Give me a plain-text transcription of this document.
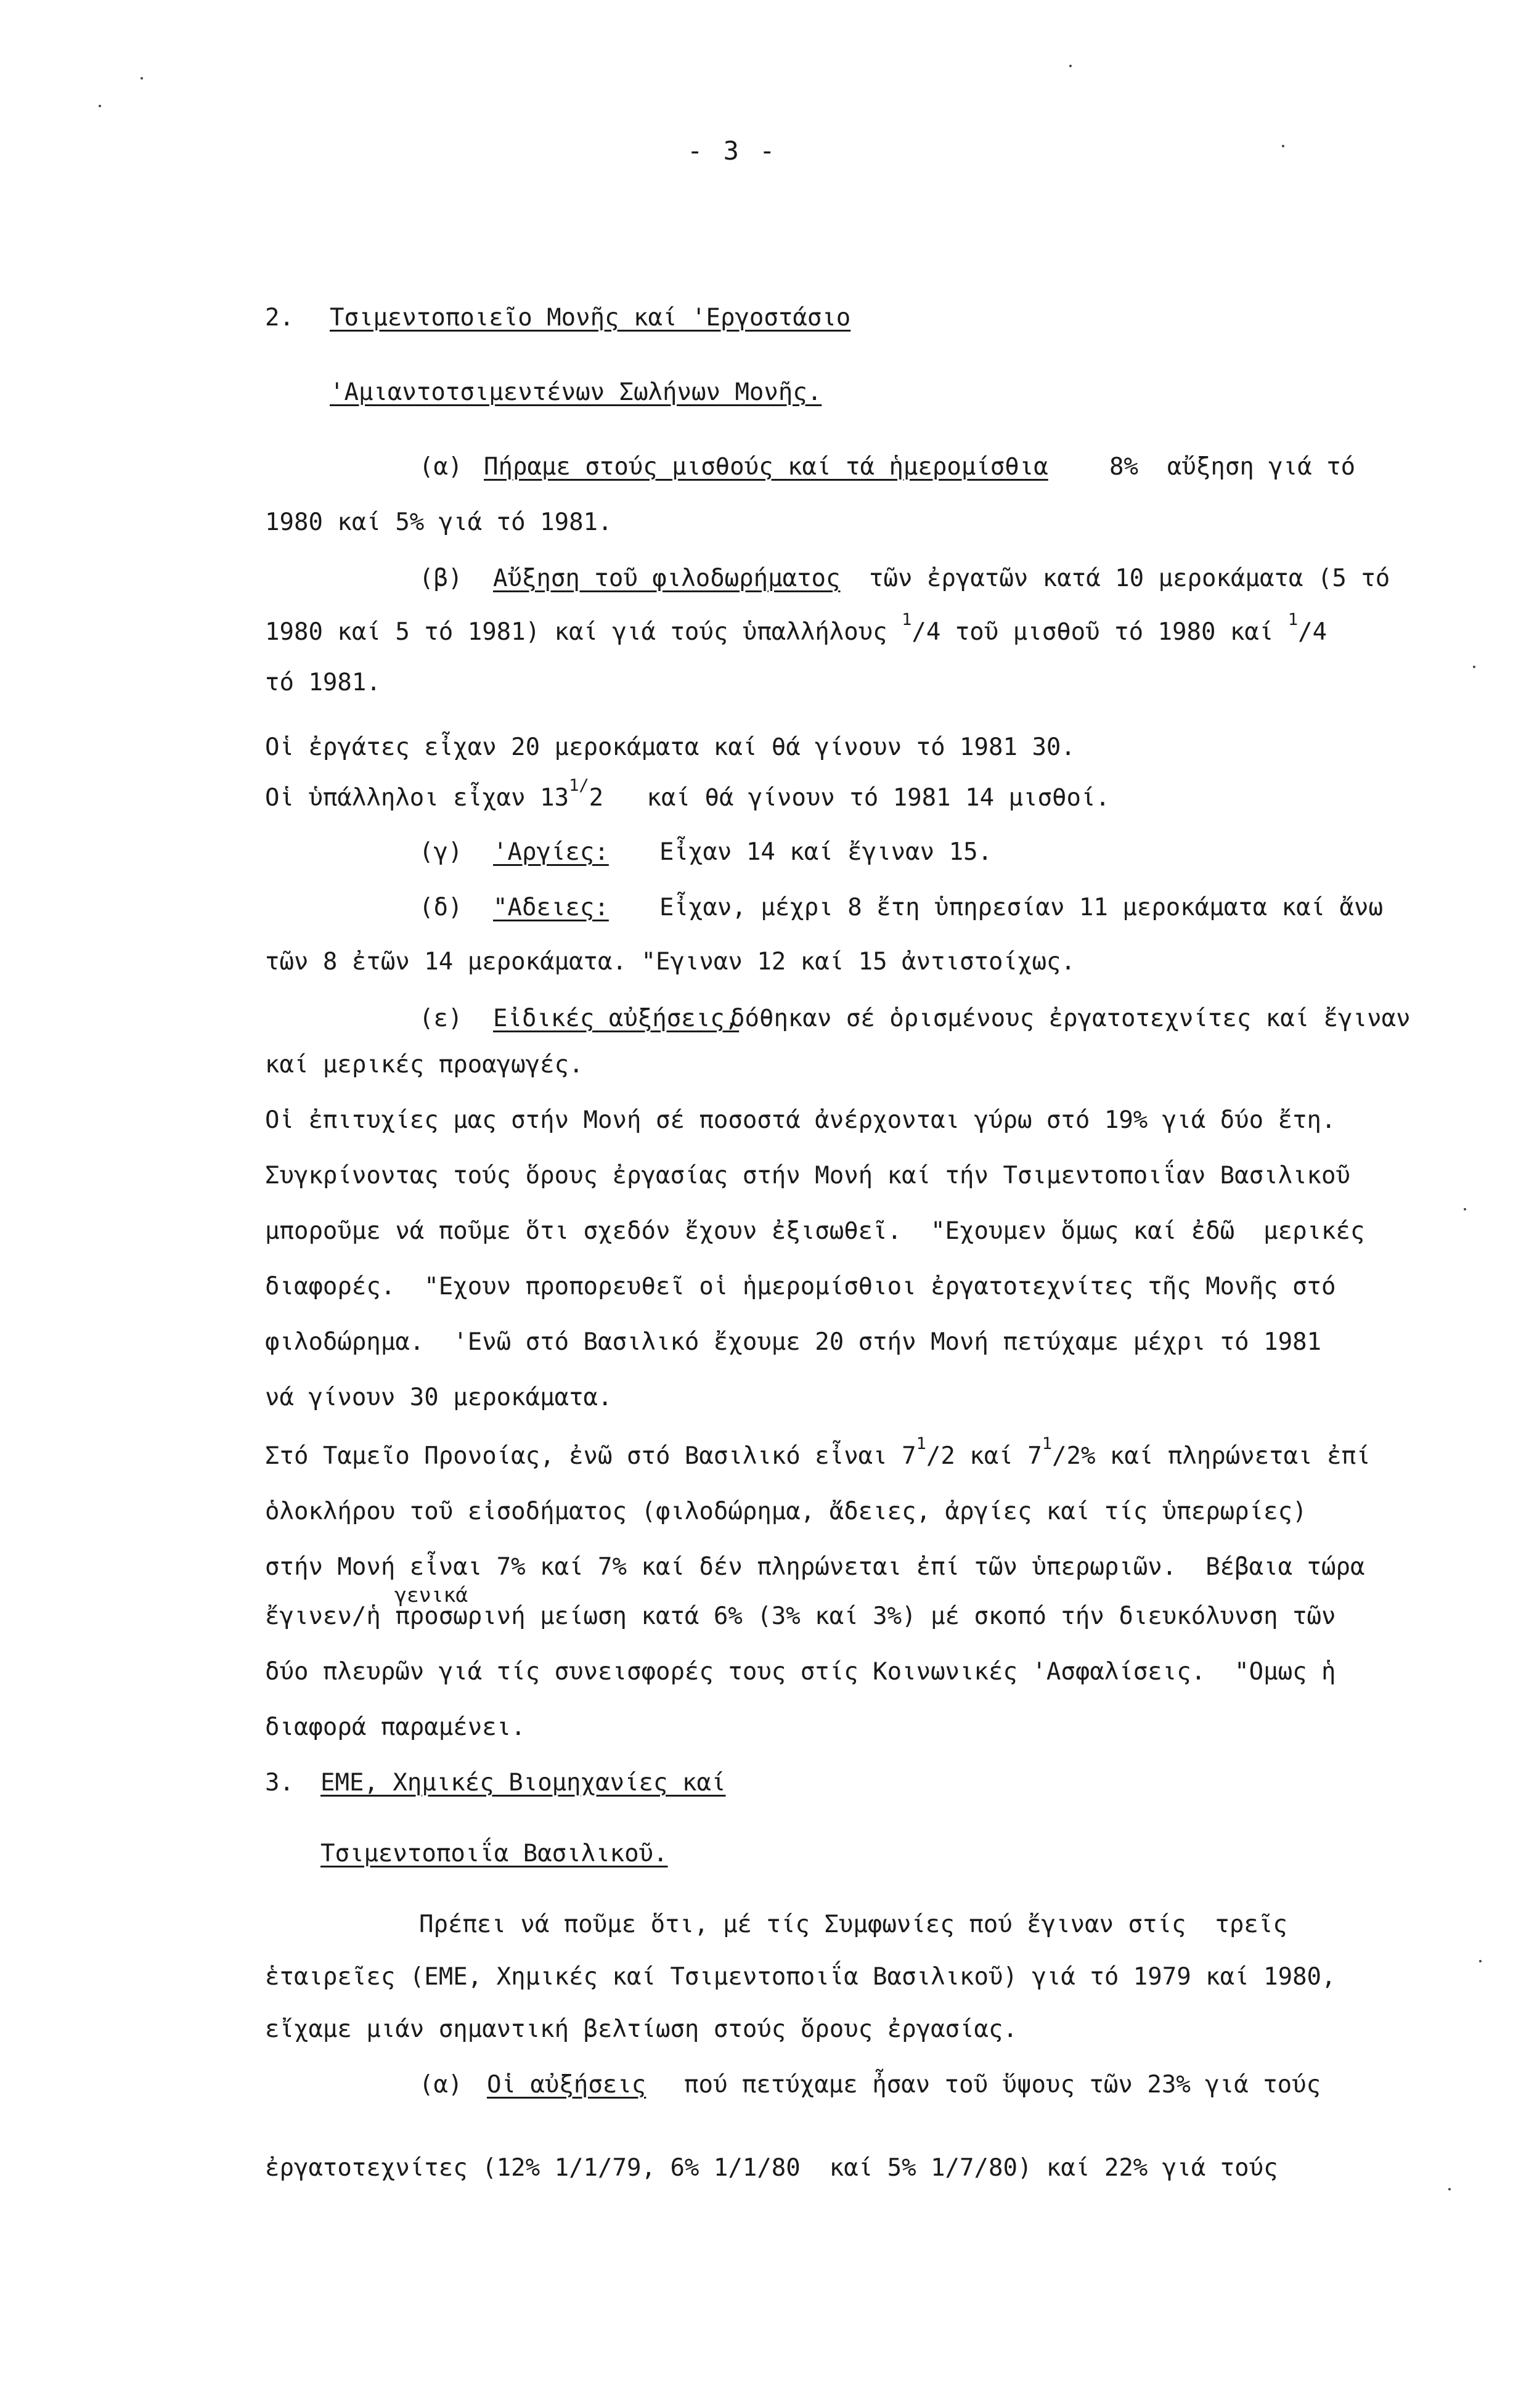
- 3 -
2. Τσιμεντοποιεῖο Μονῆς καί 'Εργοστάσιο
'Αμιαντοτσιμεντένων Σωλήνων Μονῆς.
(α) Πήραμε στούς μισθούς καί τά ἡμερομίσθια	8%  αὔξηση γιά τό
1980 καί 5% γιά τό 1981.
(β) Αὔξηση τοῦ φιλοδωρήματος τῶν ἐργατῶν κατά 10 μεροκάματα (5 τό
1980 καί 5 τό 1981) καί γιά τούς ὑπαλλήλους $^1$/4 τοῦ μισθοῦ τό 1980 καί $^1$/4
τό 1981.
Οἱ ἐργάτες εἶχαν 20 μεροκάματα καί θά γίνουν τό 1981 30.
Οἱ ὑπάλληλοι εἶχαν $13^{1/}2$ καί θά γίνουν τό 1981 14 μισθοί.
(γ) 'Αργίες: Εἶχαν 14 καί ἔγιναν 15.
(δ) "Αδειες: Εἶχαν, μέχρι 8 ἔτη ὑπηρεσίαν 11 μεροκάματα καί ἄνω
τῶν 8 ἐτῶν 14 μεροκάματα. "Εγιναν 12 καί 15 ἀντιστοίχως.
(ε) Εἰδικές αὐξήσεις,
δόθηκαν σέ ὁρισμένους ἐργατοτεχνίτες καί ἔγιναν
καί μερικές προαγωγές.
Οἱ ἐπιτυχίες μας στήν Μονή σέ ποσοστά ἀνέρχονται γύρω στό 19% γιά δύο ἔτη.
Συγκρίνοντας τούς ὅρους ἐργασίας στήν Μονή καί τήν Τσιμεντοποιΐαν Βασιλικοῦ
μποροῦμε νά ποῦμε ὅτι σχεδόν ἔχουν ἐξισωθεῖ.  "Εχουμεν ὅμως καί ἐδῶ  μερικές
διαφορές.  "Εχουν προπορευθεῖ οἱ ἡμερομίσθιοι ἐργατοτεχνίτες τῆς Μονῆς στό
φιλοδώρημα.  'Ενῶ στό Βασιλικό ἔχουμε 20 στήν Μονή πετύχαμε μέχρι τό 1981
νά γίνουν 30 μεροκάματα.
Στό Ταμεῖο Προνοίας, ἐνῶ στό Βασιλικό εἶναι $7^1/2$ καί $7^1/2\%$ καί πληρώνεται ἐπί
ὁλοκλήρου τοῦ εἰσοδήματος (φιλοδώρημα, ἄδειες, ἀργίες καί τίς ὑπερωρίες)
στήν Μονή εἶναι 7% καί 7% καί δέν πληρώνεται ἐπί τῶν ὑπερωριῶν.  Βέβαια τώρα
γενικά
ἔγινεν/ἡ προσωρινή μείωση κατά 6% (3% καί 3%) μέ σκοπό τήν διευκόλυνση τῶν
δύο πλευρῶν γιά τίς συνεισφορές τους στίς Κοινωνικές 'Ασφαλίσεις.  "Ομως ἡ
διαφορά παραμένει.
3. ΕΜΕ, Χημικές Βιομηχανίες καί
Τσιμεντοποιΐα Βασιλικοῦ.
Πρέπει νά ποῦμε ὅτι, μέ τίς Συμφωνίες πού ἔγιναν στίς  τρεῖς
ἑταιρεῖες (ΕΜΕ, Χημικές καί Τσιμεντοποιΐα Βασιλικοῦ) γιά τό 1979 καί 1980,
εἴχαμε μιάν σημαντική βελτίωση στούς ὅρους ἐργασίας.
(α) Οἱ αὐξήσεις πού πετύχαμε ἦσαν τοῦ ὕψους τῶν 23% γιά τούς
ἐργατοτεχνίτες (12% 1/1/79, 6% 1/1/80  καί 5% 1/7/80) καί 22% γιά τούς
